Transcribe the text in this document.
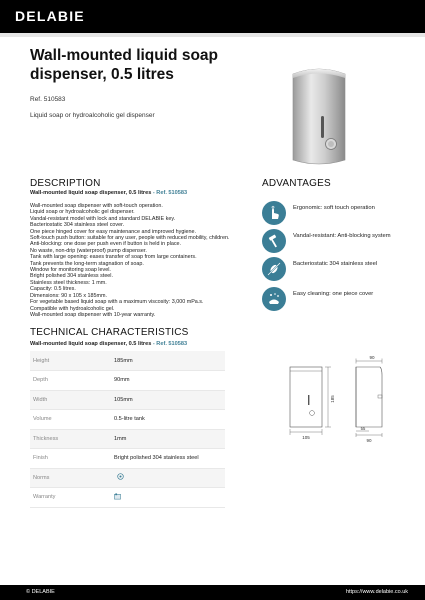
DELABIE
Wall-mounted liquid soap dispenser, 0.5 litres
Ref. 510583
Liquid soap or hydroalcoholic gel dispenser
DESCRIPTION
Wall-mounted liquid soap dispenser, 0.5 litres - Ref. 510583
Wall-mounted soap dispenser with soft-touch operation.
Liquid soap or hydroalcoholic gel dispenser.
Vandal-resistant model with lock and standard DELABIE key.
Bacteriostatic 304 stainless steel cover.
One piece hinged cover for easy maintenance and improved hygiene.
Soft-touch push button: suitable for any user, people with reduced mobility, children.
Anti-blocking: one dose per push even if button is held in place.
No waste, non-drip (waterproof) pump dispenser.
Tank with large opening: eases transfer of soap from large containers.
Tank prevents the long-term stagnation of soap.
Window for monitoring soap level.
Bright polished 304 stainless steel.
Stainless steel thickness: 1 mm.
Capacity: 0.5 litres.
Dimensions: 90 x 105 x 185mm.
For vegetable based liquid soap with a maximum viscosity: 3,000 mPa.s.
Compatible with hydroalcoholic gel.
Wall-mounted soap dispenser with 10-year warranty.
ADVANTAGES
Ergonomic: soft touch operation
Vandal-resistant: Anti-blocking system
Bacteriostatic 304 stainless steel
Easy cleaning: one piece cover
TECHNICAL CHARACTERISTICS
Wall-mounted liquid soap dispenser, 0.5 litres - Ref. 510583
Height	185mm
Depth	90mm
Width	105mm
Volume	0.5-litre tank
Thickness	1mm
Finish	Bright polished 304 stainless steel
Norms	
Warranty	
105
185
90
55
90
© DELABIE	https://www.delabie.co.uk
